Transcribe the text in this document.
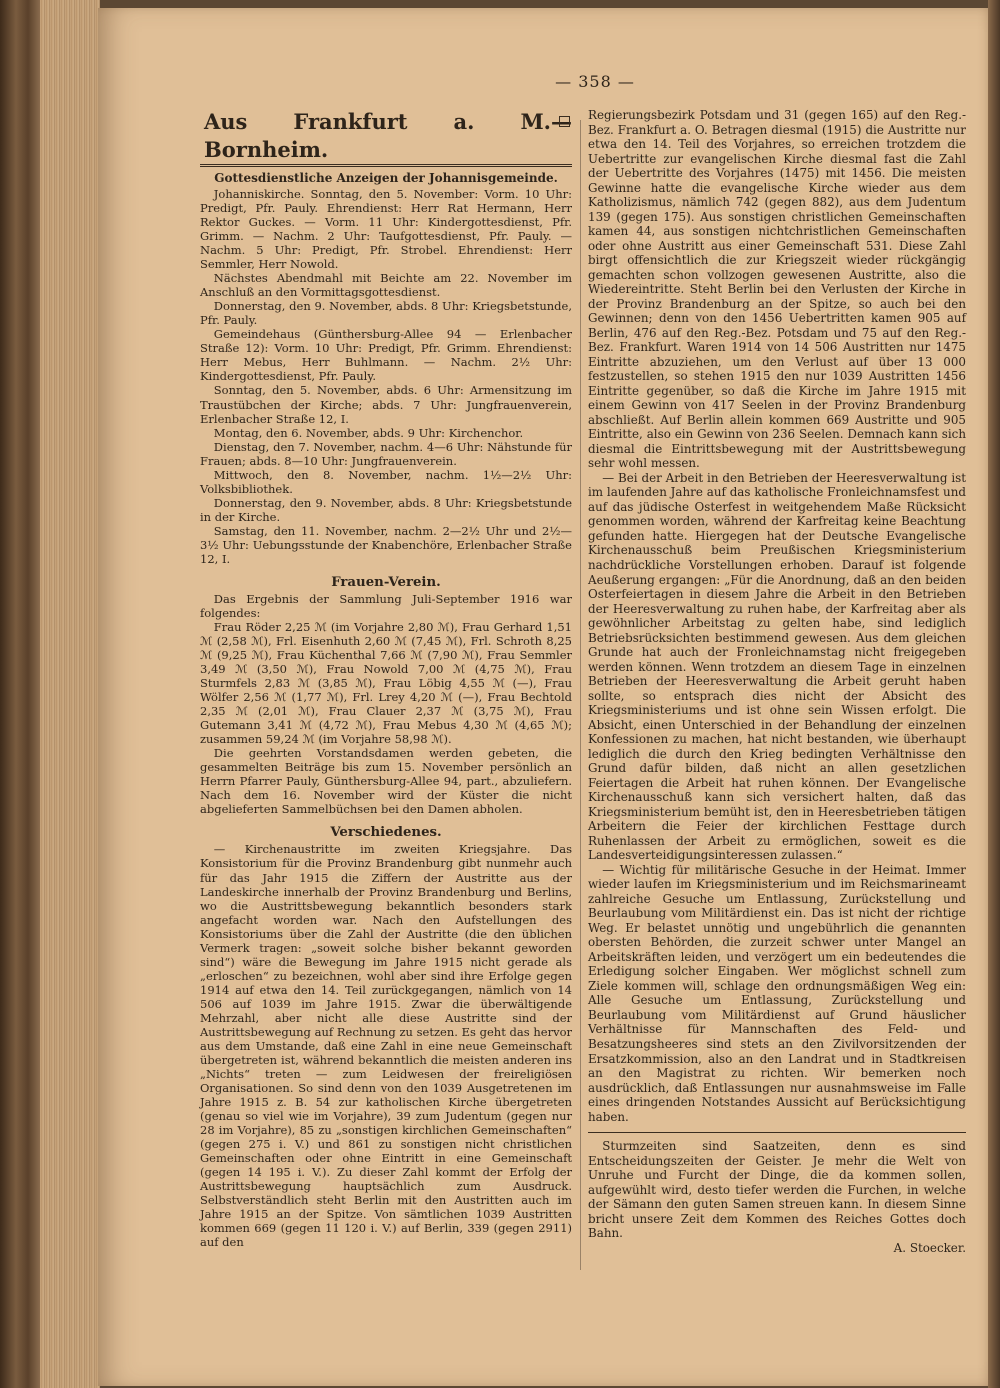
— 358 —
Aus Frankfurt a. M.—Bornheim.
Gottesdienstliche Anzeigen der Johannisgemeinde.

Johanniskirche. Sonntag, den 5. November: Vorm. 10 Uhr: Predigt, Pfr. Pauly. Ehrendienst: Herr Rat Hermann, Herr Rektor Guckes. — Vorm. 11 Uhr: Kindergottesdienst, Pfr. Grimm. — Nachm. 2 Uhr: Taufgottesdienst, Pfr. Pauly. — Nachm. 5 Uhr: Predigt, Pfr. Strobel. Ehrendienst: Herr Semmler, Herr Nowold.

Nächstes Abendmahl mit Beichte am 22. November im Anschluß an den Vormittagsgottesdienst.

Donnerstag, den 9. November, abds. 8 Uhr: Kriegsbetstunde, Pfr. Pauly.

Gemeindehaus (Günthersburg-Allee 94 — Erlenbacher Straße 12): Vorm. 10 Uhr: Predigt, Pfr. Grimm. Ehrendienst: Herr Mebus, Herr Buhlmann. — Nachm. 2½ Uhr: Kindergottesdienst, Pfr. Pauly.

Sonntag, den 5. November, abds. 6 Uhr: Armensitzung im Traustübchen der Kirche; abds. 7 Uhr: Jungfrauenverein, Erlenbacher Straße 12, I.

Montag, den 6. November, abds. 9 Uhr: Kirchenchor.

Dienstag, den 7. November, nachm. 4—6 Uhr: Nähstunde für Frauen; abds. 8—10 Uhr: Jungfrauenverein.

Mittwoch, den 8. November, nachm. 1½—2½ Uhr: Volksbibliothek.

Donnerstag, den 9. November, abds. 8 Uhr: Kriegsbetstunde in der Kirche.

Samstag, den 11. November, nachm. 2—2½ Uhr und 2½—3½ Uhr: Uebungsstunde der Knabenchöre, Erlenbacher Straße 12, I.

Frauen-Verein.

Das Ergebnis der Sammlung Juli-September 1916 war folgendes:

Frau Röder 2,25 ℳ (im Vorjahre 2,80 ℳ), Frau Gerhard 1,51 ℳ (2,58 ℳ), Frl. Eisenhuth 2,60 ℳ (7,45 ℳ), Frl. Schroth 8,25 ℳ (9,25 ℳ), Frau Küchenthal 7,66 ℳ (7,90 ℳ), Frau Semmler 3,49 ℳ (3,50 ℳ), Frau Nowold 7,00 ℳ (4,75 ℳ), Frau Sturmfels 2,83 ℳ (3,85 ℳ), Frau Löbig 4,55 ℳ (—), Frau Wölfer 2,56 ℳ (1,77 ℳ), Frl. Lrey 4,20 ℳ (—), Frau Bechtold 2,35 ℳ (2,01 ℳ), Frau Clauer 2,37 ℳ (3,75 ℳ), Frau Gutemann 3,41 ℳ (4,72 ℳ), Frau Mebus 4,30 ℳ (4,65 ℳ); zusammen 59,24 ℳ (im Vorjahre 58,98 ℳ).

Die geehrten Vorstandsdamen werden gebeten, die gesammelten Beiträge bis zum 15. November persönlich an Herrn Pfarrer Pauly, Günthersburg-Allee 94, part., abzuliefern. Nach dem 16. November wird der Küster die nicht abgelieferten Sammelbüchsen bei den Damen abholen.

Verschiedenes.

— Kirchenaustritte im zweiten Kriegsjahre. Das Konsistorium für die Provinz Brandenburg gibt nunmehr auch für das Jahr 1915 die Ziffern der Austritte aus der Landeskirche innerhalb der Provinz Brandenburg und Berlins, wo die Austrittsbewegung bekanntlich besonders stark angefacht worden war. Nach den Aufstellungen des Konsistoriums über die Zahl der Austritte (die den üblichen Vermerk tragen: „soweit solche bisher bekannt geworden sind“) wäre die Bewegung im Jahre 1915 nicht gerade als „erloschen“ zu bezeichnen, wohl aber sind ihre Erfolge gegen 1914 auf etwa den 14. Teil zurückgegangen, nämlich von 14 506 auf 1039 im Jahre 1915. Zwar die überwältigende Mehrzahl, aber nicht alle diese Austritte sind der Austrittsbewegung auf Rechnung zu setzen. Es geht das hervor aus dem Umstande, daß eine Zahl in eine neue Gemeinschaft übergetreten ist, während bekanntlich die meisten anderen ins „Nichts“ treten — zum Leidwesen der freireligiösen Organisationen. So sind denn von den 1039 Ausgetretenen im Jahre 1915 z. B. 54 zur katholischen Kirche übergetreten (genau so viel wie im Vorjahre), 39 zum Judentum (gegen nur 28 im Vorjahre), 85 zu „sonstigen kirchlichen Gemeinschaften“ (gegen 275 i. V.) und 861 zu sonstigen nicht christlichen Gemeinschaften oder ohne Eintritt in eine Gemeinschaft (gegen 14 195 i. V.). Zu dieser Zahl kommt der Erfolg der Austrittsbewegung hauptsächlich zum Ausdruck. Selbstverständlich steht Berlin mit den Austritten auch im Jahre 1915 an der Spitze. Von sämtlichen 1039 Austritten kommen 669 (gegen 11 120 i. V.) auf Berlin, 339 (gegen 2911) auf den

Regierungsbezirk Potsdam und 31 (gegen 165) auf den Reg.-Bez. Frankfurt a. O. Betragen diesmal (1915) die Austritte nur etwa den 14. Teil des Vorjahres, so erreichen trotzdem die Uebertritte zur evangelischen Kirche diesmal fast die Zahl der Uebertritte des Vorjahres (1475) mit 1456. Die meisten Gewinne hatte die evangelische Kirche wieder aus dem Katholizismus, nämlich 742 (gegen 882), aus dem Judentum 139 (gegen 175). Aus sonstigen christlichen Gemeinschaften kamen 44, aus sonstigen nichtchristlichen Gemeinschaften oder ohne Austritt aus einer Gemeinschaft 531. Diese Zahl birgt offensichtlich die zur Kriegszeit wieder rückgängig gemachten schon vollzogen gewesenen Austritte, also die Wiedereintritte. Steht Berlin bei den Verlusten der Kirche in der Provinz Brandenburg an der Spitze, so auch bei den Gewinnen; denn von den 1456 Uebertritten kamen 905 auf Berlin, 476 auf den Reg.-Bez. Potsdam und 75 auf den Reg.-Bez. Frankfurt. Waren 1914 von 14 506 Austritten nur 1475 Eintritte abzuziehen, um den Verlust auf über 13 000 festzustellen, so stehen 1915 den nur 1039 Austritten 1456 Eintritte gegenüber, so daß die Kirche im Jahre 1915 mit einem Gewinn von 417 Seelen in der Provinz Brandenburg abschließt. Auf Berlin allein kommen 669 Austritte und 905 Eintritte, also ein Gewinn von 236 Seelen. Demnach kann sich diesmal die Eintrittsbewegung mit der Austrittsbewegung sehr wohl messen.

— Bei der Arbeit in den Betrieben der Heeresverwaltung ist im laufenden Jahre auf das katholische Fronleichnamsfest und auf das jüdische Osterfest in weitgehendem Maße Rücksicht genommen worden, während der Karfreitag keine Beachtung gefunden hatte. Hiergegen hat der Deutsche Evangelische Kirchenausschuß beim Preußischen Kriegsministerium nachdrückliche Vorstellungen erhoben. Darauf ist folgende Aeußerung ergangen: „Für die Anordnung, daß an den beiden Osterfeiertagen in diesem Jahre die Arbeit in den Betrieben der Heeresverwaltung zu ruhen habe, der Karfreitag aber als gewöhnlicher Arbeitstag zu gelten habe, sind lediglich Betriebsrücksichten bestimmend gewesen. Aus dem gleichen Grunde hat auch der Fronleichnamstag nicht freigegeben werden können. Wenn trotzdem an diesem Tage in einzelnen Betrieben der Heeresverwaltung die Arbeit geruht haben sollte, so entsprach dies nicht der Absicht des Kriegsministeriums und ist ohne sein Wissen erfolgt. Die Absicht, einen Unterschied in der Behandlung der einzelnen Konfessionen zu machen, hat nicht bestanden, wie überhaupt lediglich die durch den Krieg bedingten Verhältnisse den Grund dafür bilden, daß nicht an allen gesetzlichen Feiertagen die Arbeit hat ruhen können. Der Evangelische Kirchenausschuß kann sich versichert halten, daß das Kriegsministerium bemüht ist, den in Heeresbetrieben tätigen Arbeitern die Feier der kirchlichen Festtage durch Ruhenlassen der Arbeit zu ermöglichen, soweit es die Landesverteidigungsinteressen zulassen.“

— Wichtig für militärische Gesuche in der Heimat. Immer wieder laufen im Kriegsministerium und im Reichsmarineamt zahlreiche Gesuche um Entlassung, Zurückstellung und Beurlaubung vom Militärdienst ein. Das ist nicht der richtige Weg. Er belastet unnötig und ungebührlich die genannten obersten Behörden, die zurzeit schwer unter Mangel an Arbeitskräften leiden, und verzögert um ein bedeutendes die Erledigung solcher Eingaben. Wer möglichst schnell zum Ziele kommen will, schlage den ordnungsmäßigen Weg ein: Alle Gesuche um Entlassung, Zurückstellung und Beurlaubung vom Militärdienst auf Grund häuslicher Verhältnisse für Mannschaften des Feld- und Besatzungsheeres sind stets an den Zivilvorsitzenden der Ersatzkommission, also an den Landrat und in Stadtkreisen an den Magistrat zu richten. Wir bemerken noch ausdrücklich, daß Entlassungen nur ausnahmsweise im Falle eines dringenden Notstandes Aussicht auf Berücksichtigung haben.

Sturmzeiten sind Saatzeiten, denn es sind Entscheidungszeiten der Geister. Je mehr die Welt von Unruhe und Furcht der Dinge, die da kommen sollen, aufgewühlt wird, desto tiefer werden die Furchen, in welche der Sämann den guten Samen streuen kann. In diesem Sinne bricht unsere Zeit dem Kommen des Reiches Gottes doch Bahn.

A. Stoecker.
